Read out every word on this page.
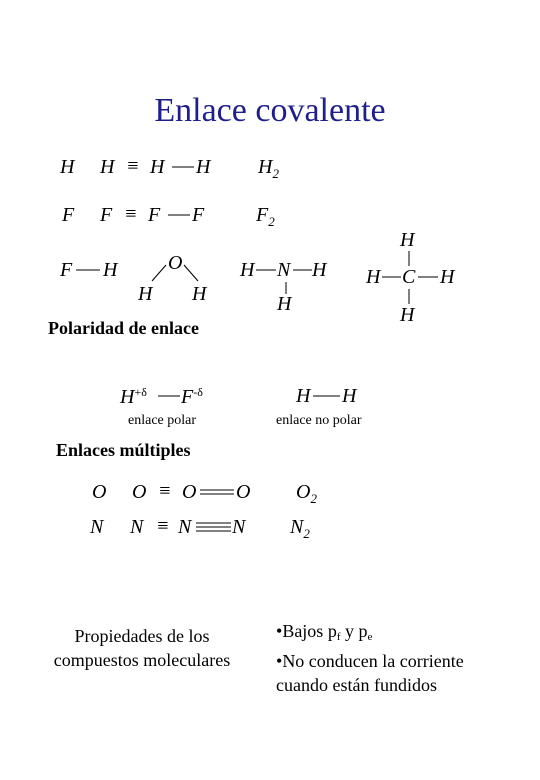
Enlace covalente
H H ≡ H H $H_2$
F F ≡ F F	$F_2$
F H	O
H H
H N H
H
H
H C H
H
Polaridad de enlace
$H^{+\delta}$ $F^{-\delta}$
enlace polar
H H
enlace no polar
Enlaces múltiples
O O ≡ O O $O_2$
N N ≡ N N $N_2$
Propiedades de los
compuestos moleculares
•Bajos pf y pe
•No conducen la corriente
cuando están fundidos
